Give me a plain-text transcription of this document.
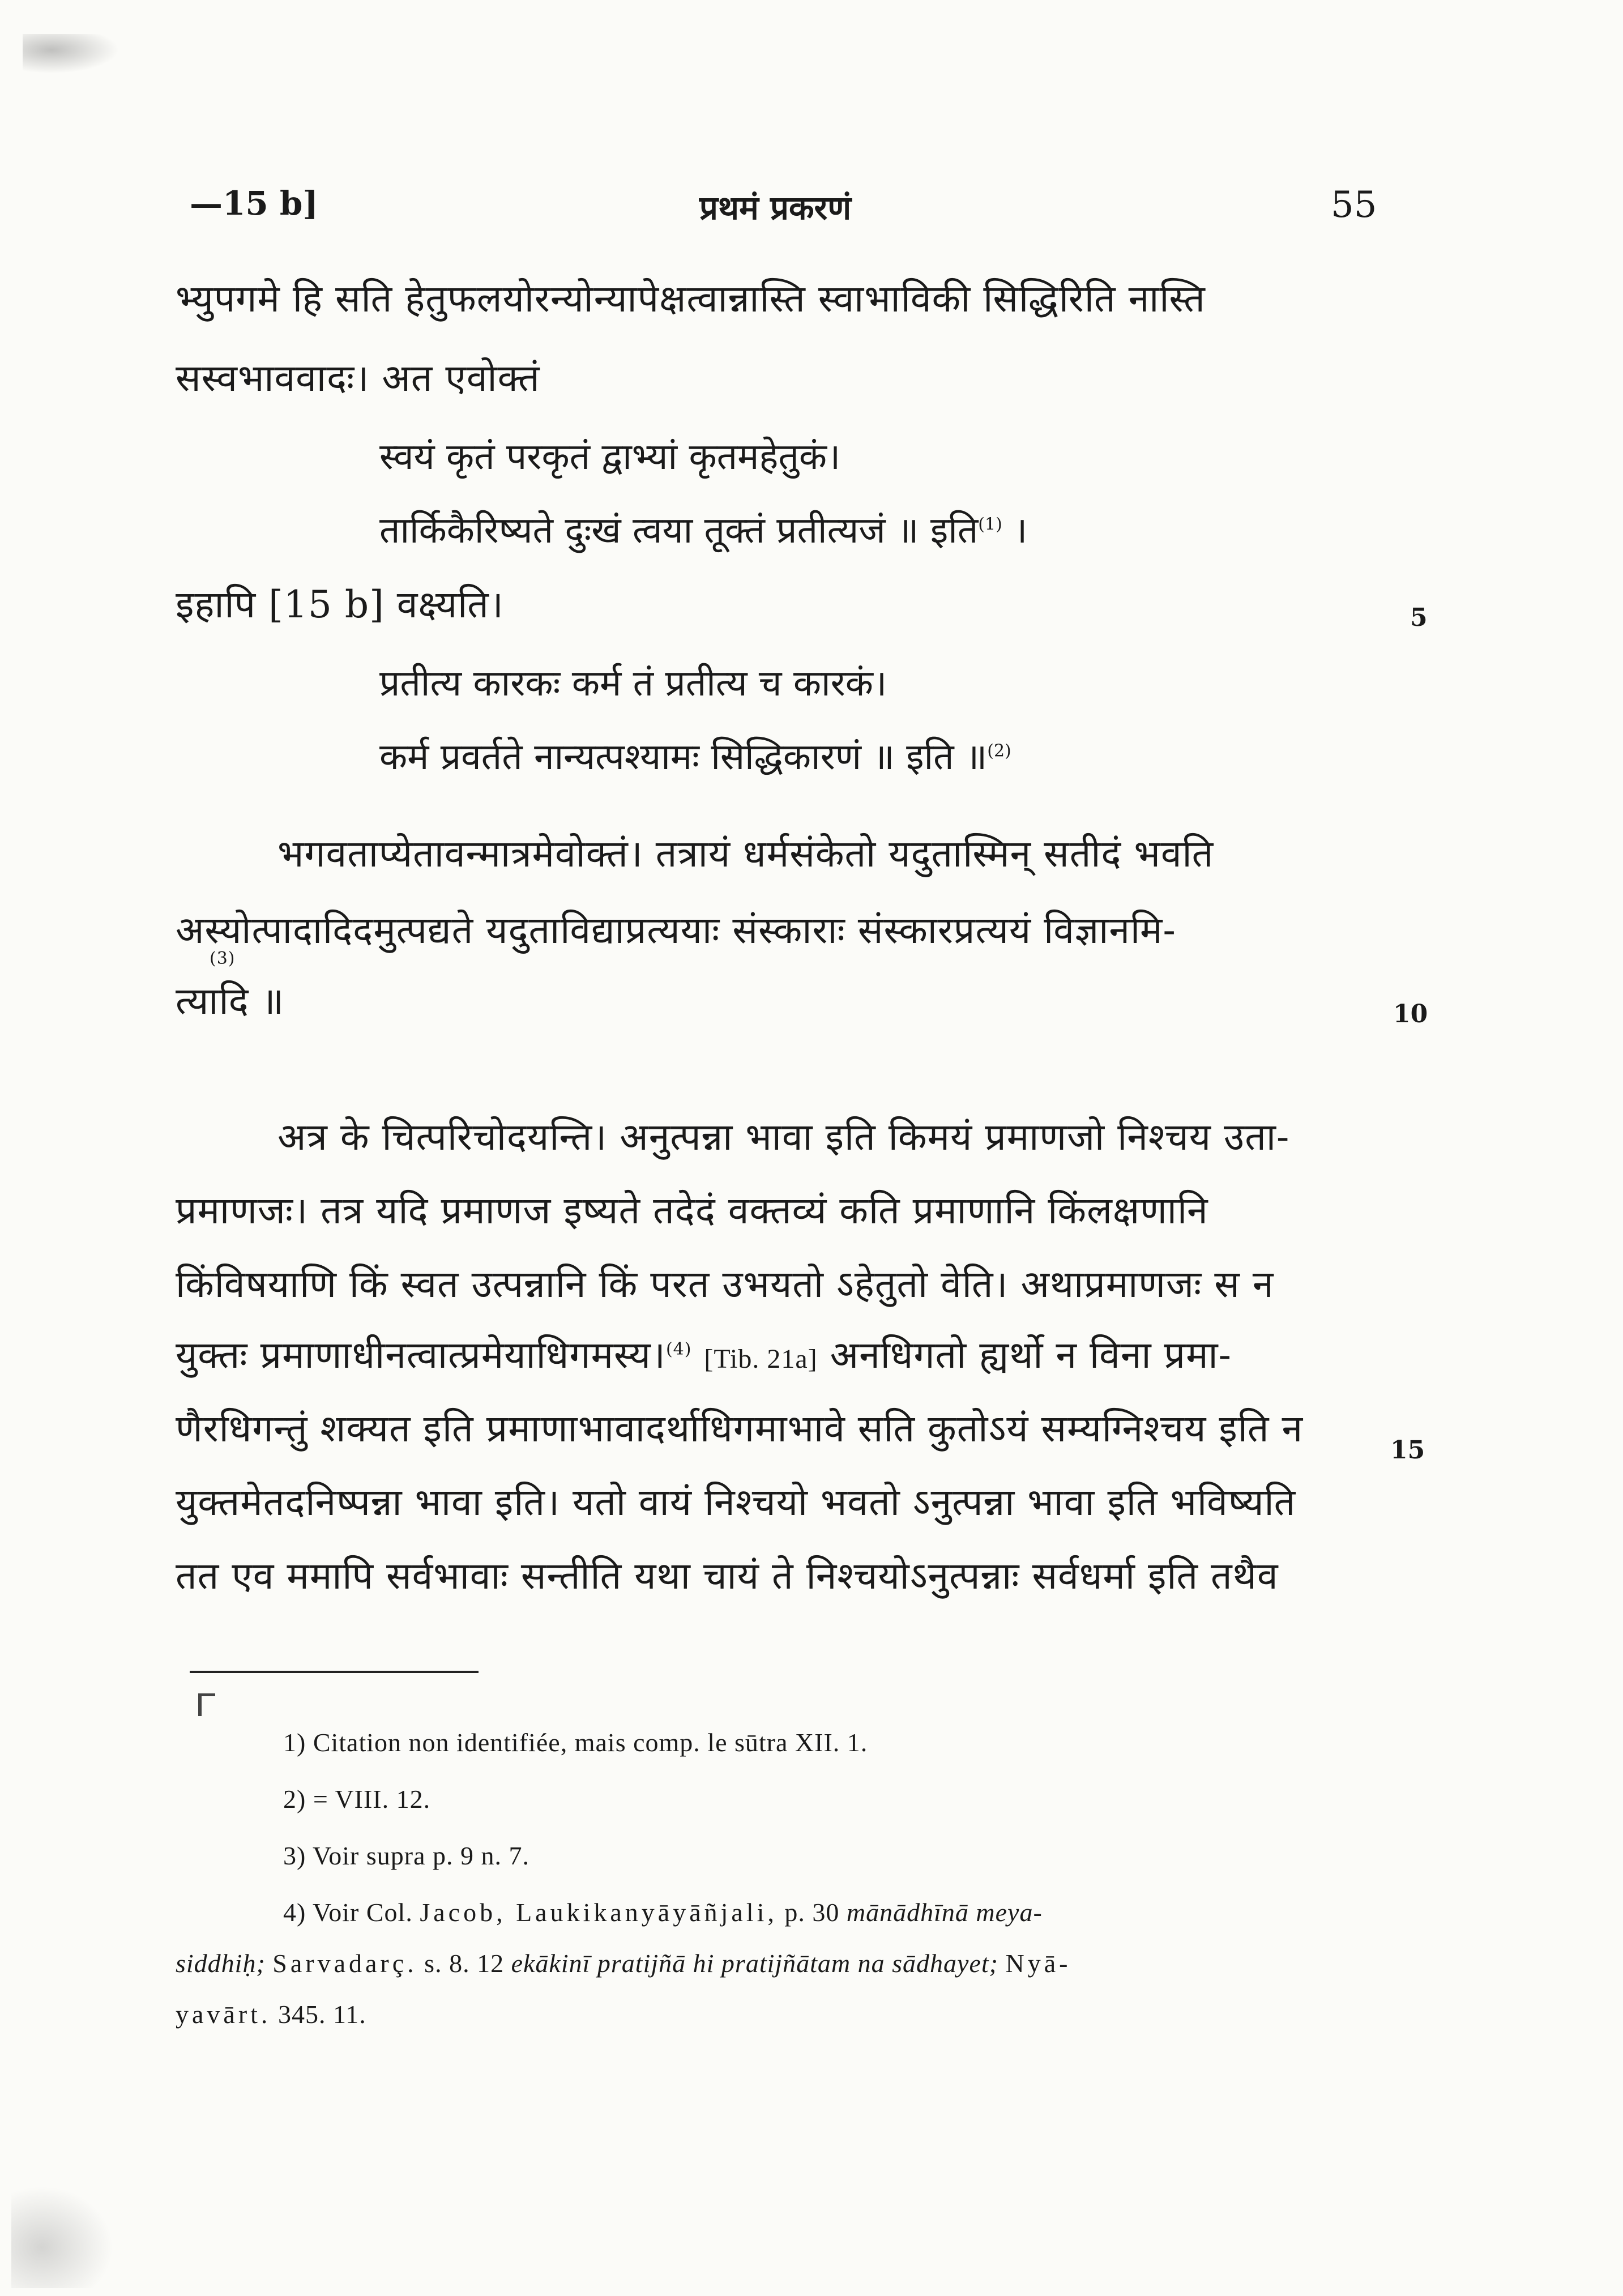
—15 b]	प्रथमं प्रकरणं	55
भ्युपगमे हि सति हेतुफलयोरन्योन्यापेक्षत्वान्नास्ति स्वाभाविकी सिद्धिरिति नास्ति
सस्वभाववादः। अत एवोक्तं
स्वयं कृतं परकृतं द्वाभ्यां कृतमहेतुकं।
तार्किकैरिष्यते दुःखं त्वया तूक्तं प्रतीत्यजं ॥ इति$^{(1)}$ ।
इहापि [15 b] वक्ष्यति।	5
प्रतीत्य कारकः कर्म तं प्रतीत्य च कारकं।
कर्म प्रवर्तते नान्यत्पश्यामः सिद्धिकारणं ॥ इति ॥$^{(2)}$
भगवताप्येतावन्मात्रमेवोक्तं। तत्रायं धर्मसंकेतो यदुतास्मिन् सतीदं भवति
अस्योत्पादादिदमुत्पद्यते यदुताविद्याप्रत्ययाः संस्काराः संस्कारप्रत्ययं विज्ञानमि-
(3)
त्यादि ॥	10
अत्र के चित्परिचोदयन्ति। अनुत्पन्ना भावा इति किमयं प्रमाणजो निश्चय उता-
प्रमाणजः। तत्र यदि प्रमाणज इष्यते तदेदं वक्तव्यं कति प्रमाणानि किंलक्षणानि
किंविषयाणि किं स्वत उत्पन्नानि किं परत उभयतो ऽहेतुतो वेति। अथाप्रमाणजः स न
युक्तः प्रमाणाधीनत्वात्प्रमेयाधिगमस्य।$^{(4)}$ [Tib. 21a] अनधिगतो ह्यर्थो न विना प्रमा-
णैरधिगन्तुं शक्यत इति प्रमाणाभावादर्थाधिगमाभावे सति कुतोऽयं सम्यग्निश्चय इति न	15
युक्तमेतदनिष्पन्ना भावा इति। यतो वायं निश्चयो भवतो ऽनुत्पन्ना भावा इति भविष्यति
तत एव ममापि सर्वभावाः सन्तीति यथा चायं ते निश्चयोऽनुत्पन्नाः सर्वधर्मा इति तथैव
1) Citation non identifiée, mais comp. le sūtra XII. 1.
2) = VIII. 12.
3) Voir supra p. 9 n. 7.
4) Voir Col. Jacob, Laukikanyāyāñjali, p. 30 mānādhīnā meya-
siddhiḥ; Sarvadarç. s. 8. 12 ekākinī pratijñā hi pratijñātam na sādhayet; Nyā-
yavārt. 345. 11.
